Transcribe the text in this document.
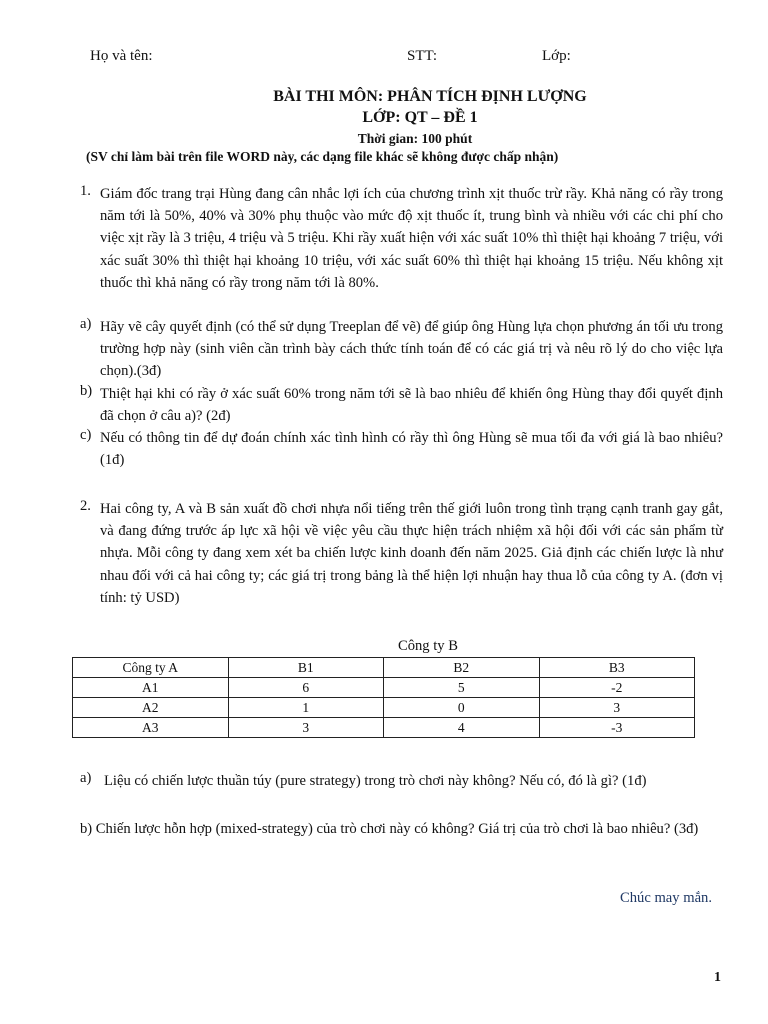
Họ và tên:	STT:	Lớp:
BÀI THI MÔN: PHÂN TÍCH ĐỊNH LƯỢNG
LỚP: QT – ĐỀ 1
Thời gian: 100 phút
(SV chỉ làm bài trên file WORD này, các dạng file khác sẽ không được chấp nhận)
1. Giám đốc trang trại Hùng đang cân nhắc lợi ích của chương trình xịt thuốc trừ rầy. Khả năng có rầy trong năm tới là 50%, 40% và 30% phụ thuộc vào mức độ xịt thuốc ít, trung bình và nhiều với các chi phí cho việc xịt rầy là 3 triệu, 4 triệu và 5 triệu. Khi rầy xuất hiện với xác suất 10% thì thiệt hại khoảng 7 triệu, với xác suất 30% thì thiệt hại khoảng 10 triệu, với xác suất 60% thì thiệt hại khoảng 15 triệu. Nếu không xịt thuốc thì khả năng có rầy trong năm tới là 80%.
a) Hãy vẽ cây quyết định (có thể sử dụng Treeplan để vẽ) để giúp ông Hùng lựa chọn phương án tối ưu trong trường hợp này (sinh viên cần trình bày cách thức tính toán để có các giá trị và nêu rõ lý do cho việc lựa chọn).(3đ)
b) Thiệt hại khi có rầy ở xác suất 60% trong năm tới sẽ là bao nhiêu để khiến ông Hùng thay đổi quyết định đã chọn ở câu a)? (2đ)
c) Nếu có thông tin để dự đoán chính xác tình hình có rầy thì ông Hùng sẽ mua tối đa với giá là bao nhiêu?(1đ)
2. Hai công ty, A và B sản xuất đồ chơi nhựa nổi tiếng trên thế giới luôn trong tình trạng cạnh tranh gay gắt, và đang đứng trước áp lực xã hội về việc yêu cầu thực hiện trách nhiệm xã hội đối với các sản phẩm từ nhựa. Mỗi công ty đang xem xét ba chiến lược kinh doanh đến năm 2025. Giả định các chiến lược là như nhau đối với cả hai công ty; các giá trị trong bảng là thể hiện lợi nhuận hay thua lỗ của công ty A. (đơn vị tính: tỷ USD)
Công ty B
Công ty A	B1	B2	B3
A1	6	5	-2
A2	1	0	3
A3	3	4	-3
a) Liệu có chiến lược thuần túy (pure strategy) trong trò chơi này không? Nếu có, đó là gì? (1đ)
b) Chiến lược hỗn hợp (mixed-strategy) của trò chơi này có không? Giá trị của trò chơi là bao nhiêu? (3đ)
Chúc may mắn.
1
